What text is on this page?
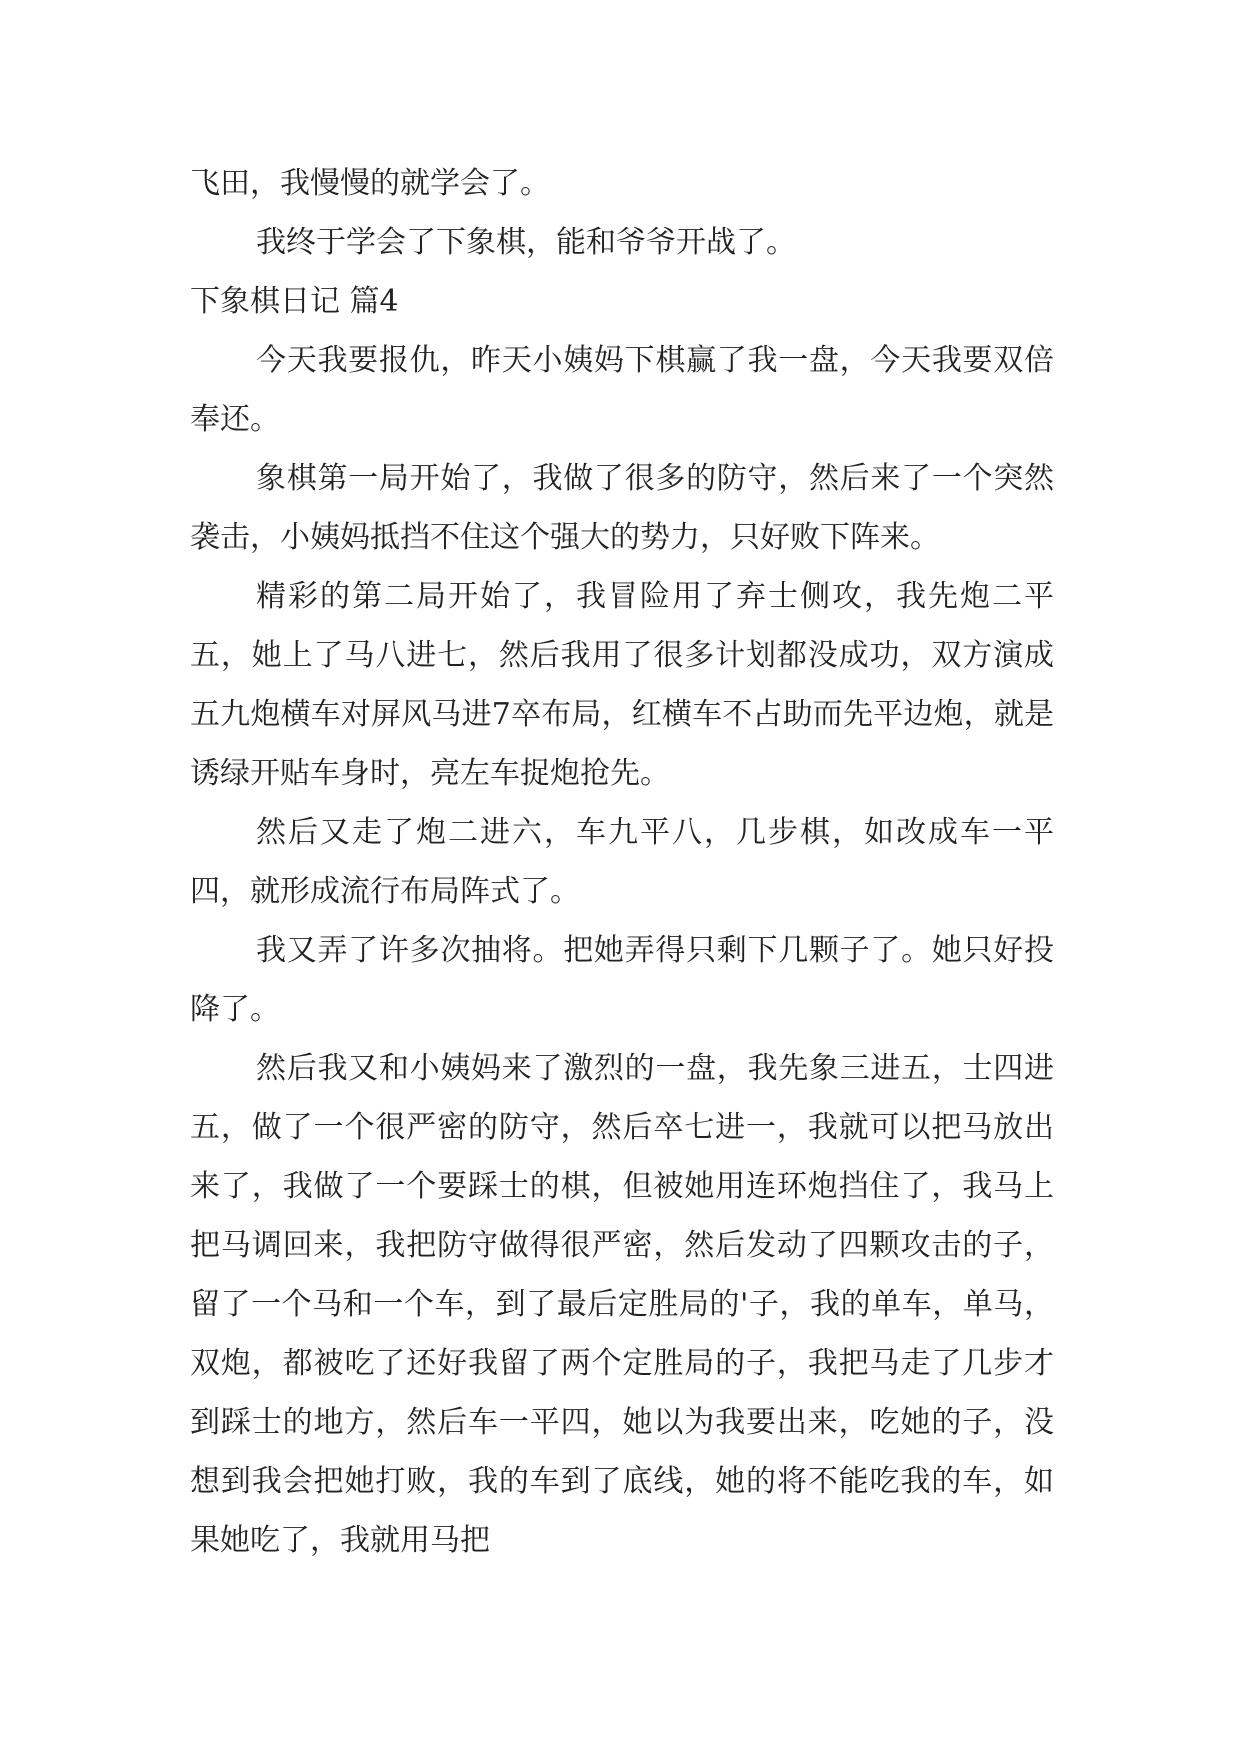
飞田，我慢慢的就学会了。

我终于学会了下象棋，能和爷爷开战了。

下象棋日记 篇4

今天我要报仇，昨天小姨妈下棋赢了我一盘，今天我要双倍奉还。

象棋第一局开始了，我做了很多的防守，然后来了一个突然袭击，小姨妈抵挡不住这个强大的势力，只好败下阵来。

精彩的第二局开始了，我冒险用了弃士侧攻，我先炮二平五，她上了马八进七，然后我用了很多计划都没成功，双方演成五九炮横车对屏风马进7卒布局，红横车不占助而先平边炮，就是诱绿开贴车身时，亮左车捉炮抢先。

然后又走了炮二进六，车九平八，几步棋，如改成车一平四，就形成流行布局阵式了。

我又弄了许多次抽将。把她弄得只剩下几颗子了。她只好投降了。

然后我又和小姨妈来了激烈的一盘，我先象三进五，士四进五，做了一个很严密的防守，然后卒七进一，我就可以把马放出来了，我做了一个要踩士的棋，但被她用连环炮挡住了，我马上把马调回来，我把防守做得很严密，然后发动了四颗攻击的子，留了一个马和一个车，到了最后定胜局的'子，我的单车，单马，双炮，都被吃了还好我留了两个定胜局的子，我把马走了几步才到踩士的地方，然后车一平四，她以为我要出来，吃她的子，没想到我会把她打败，我的车到了底线，她的将不能吃我的车，如果她吃了，我就用马把
